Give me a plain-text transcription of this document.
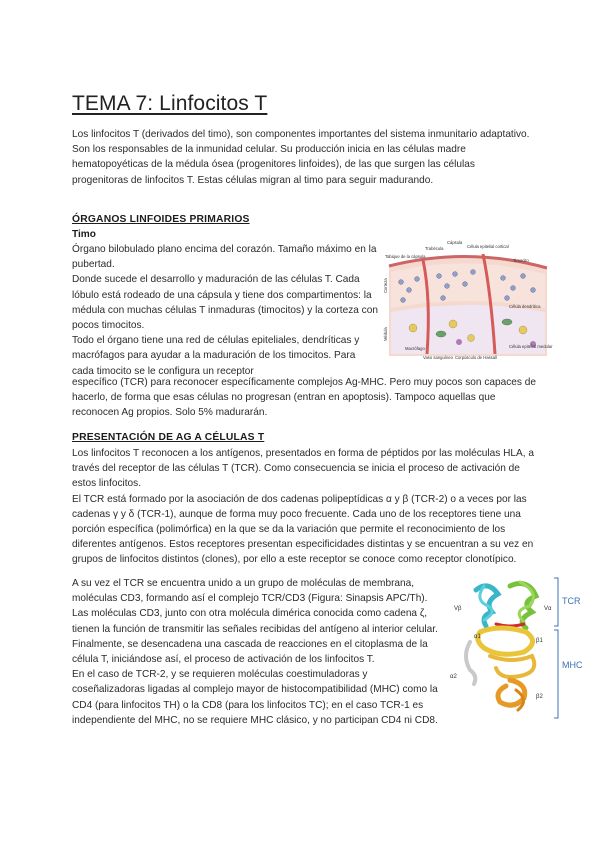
TEMA 7: Linfocitos T

Los linfocitos T (derivados del timo), son componentes importantes del sistema inmunitario adaptativo. Son los responsables de la inmunidad celular. Su producción inicia en las células madre hematopoyéticas de la médula ósea (progenitores linfoides), de las que surgen las células progenitoras de linfocitos T. Estas células migran al timo para seguir madurando.

ÓRGANOS LINFOIDES PRIMARIOS
Timo

Órgano bilobulado plano encima del corazón. Tamaño máximo en la pubertad.
Donde sucede el desarrollo y maduración de las células T. Cada lóbulo está rodeado de una cápsula y tiene dos compartimentos: la médula con muchas células T inmaduras (timocitos) y la corteza con pocos timocitos.
Todo el órgano tiene una red de células epiteliales, dendríticas y macrófagos para ayudar a la maduración de los timocitos. Para cada timocito se le configura un receptor

específico (TCR) para reconocer específicamente complejos Ag-MHC. Pero muy pocos son capaces de hacerlo, de forma que esas células no progresan (entran en apoptosis). Tampoco aquellas que reconocen Ag propios. Solo 5% madurarán.

Cápsula
Tabique de la cápsula
Trabécula	Célula epitelial cortical
Timocito
Célula dendrítica
Célula epitelial medular
Macrófago
Vaso sanguíneo Corpúsculo de Hassall
Corteza
Médula
PRESENTACIÓN DE AG A CÉLULAS T

Los linfocitos T reconocen a los antígenos, presentados en forma de péptidos por las moléculas HLA, a través del receptor de las células T (TCR). Como consecuencia se inicia el proceso de activación de estos linfocitos.
El TCR está formado por la asociación de dos cadenas polipeptídicas α y β (TCR-2) o a veces por las cadenas γ y δ (TCR-1), aunque de forma muy poco frecuente. Cada uno de los receptores tiene una porción específica (polimórfica) en la que se da la variación que permite el reconocimiento de los diferentes antígenos. Estos receptores presentan especificidades distintas y se encuentran a su vez en grupos de linfocitos distintos (clones), por ello a este receptor se conoce como receptor clonotípico.

A su vez el TCR se encuentra unido a un grupo de moléculas de membrana, moléculas CD3, formando así el complejo TCR/CD3 (Figura: Sinapsis APC/Th). Las moléculas CD3, junto con otra molécula dimérica conocida como cadena ζ, tienen la función de transmitir las señales recibidas del antígeno al interior celular. Finalmente, se desencadena una cascada de reacciones en el citoplasma de la célula T, iniciándose así, el proceso de activación de los linfocitos T.
En el caso de TCR-2, y se requieren moléculas coestimuladoras y coseñalizadoras ligadas al complejo mayor de histocompatibilidad (MHC) como la CD4 (para linfocitos TH) o la CD8 (para los linfocitos TC); en el caso TCR-1 es independiente del MHC, no se requiere MHC clásico, y no participan CD4 ni CD8.

TCR
MHC
Vβ	Vα
α1
β1
α2
β2
